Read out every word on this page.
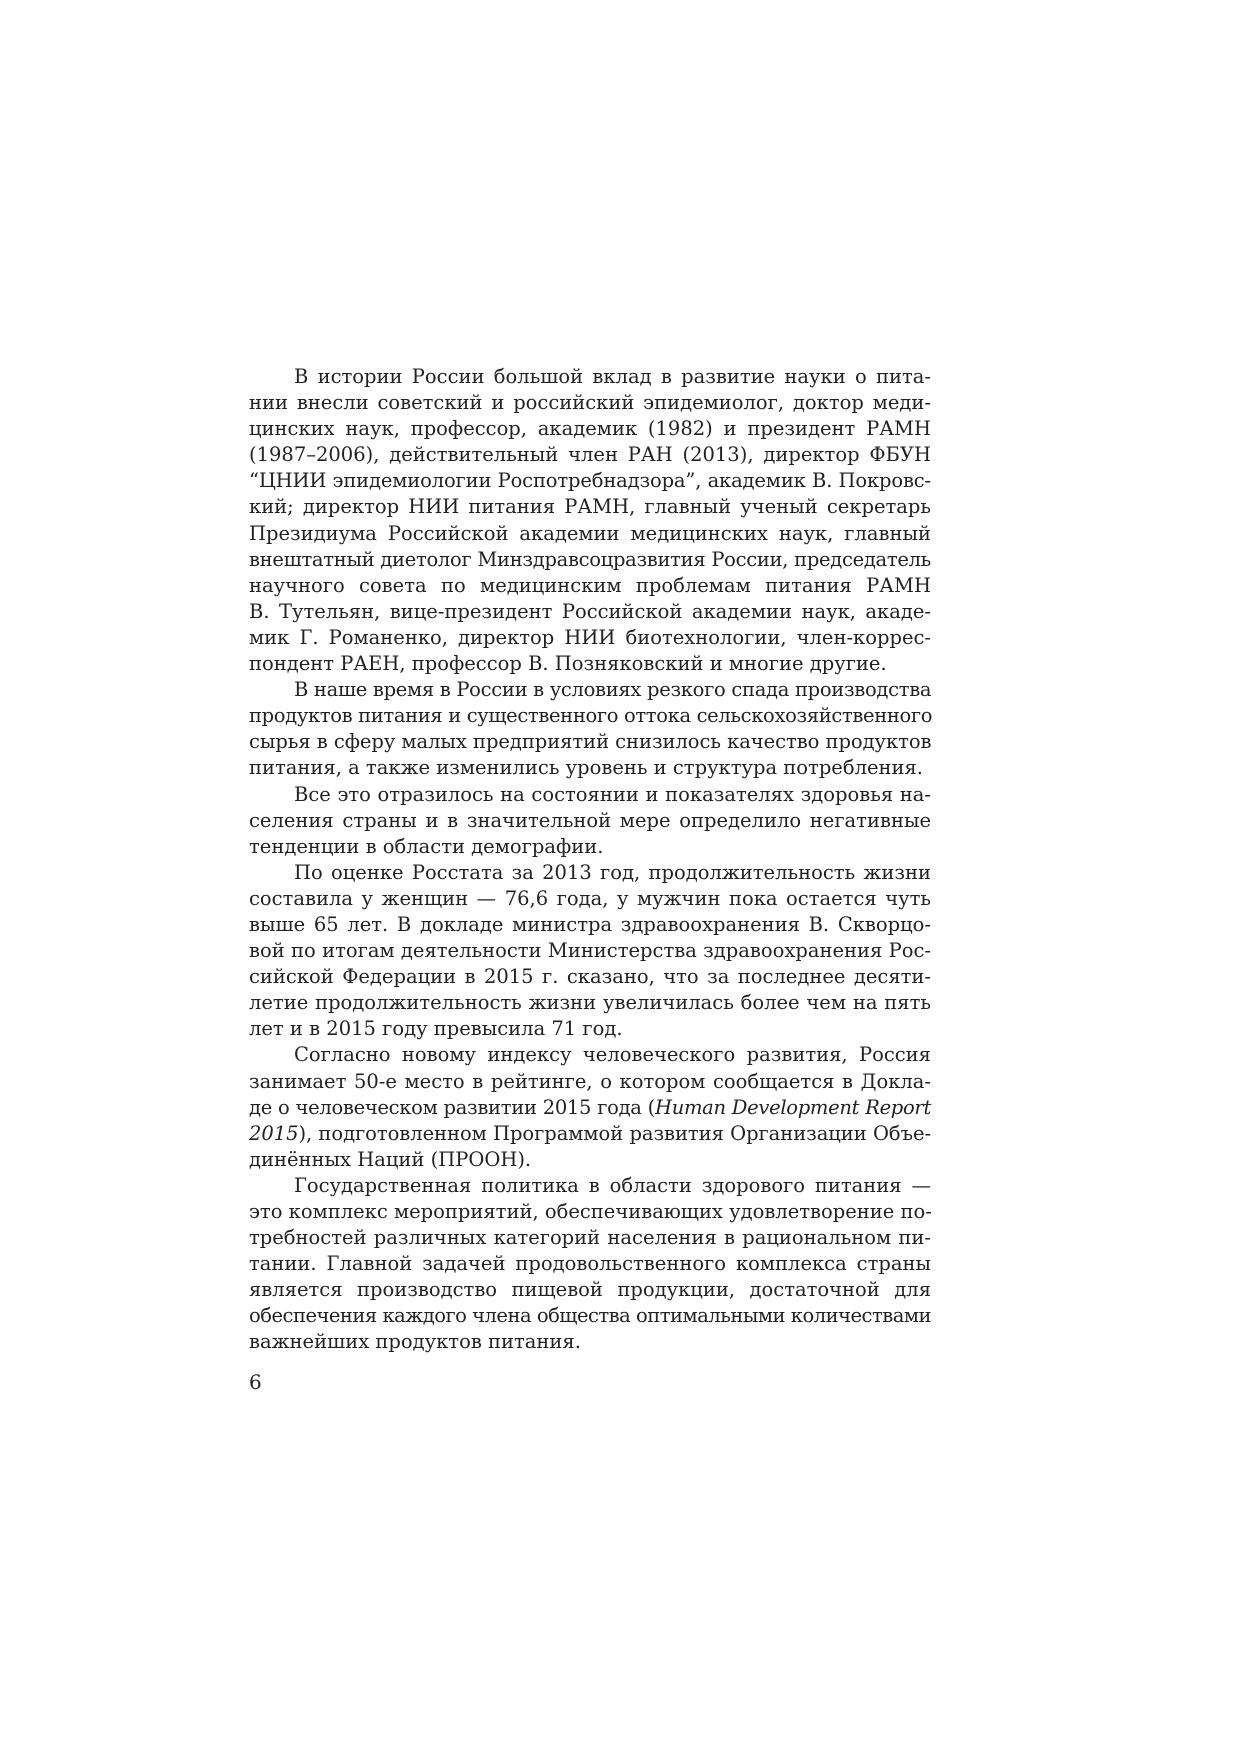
В истории России большой вклад в развитие науки о пита-
нии внесли советский и российский эпидемиолог, доктор меди-
цинских наук, профессор, академик (1982) и президент РАМН
(1987–2006), действительный член РАН (2013), директор ФБУН
“ЦНИИ эпидемиологии Роспотребнадзора”, академик В. Покровс-
кий; директор НИИ питания РАМН, главный ученый секретарь
Президиума Российской академии медицинских наук, главный
внештатный диетолог Минздравсоцразвития России, председатель
научного совета по медицинским проблемам питания РАМН
В. Тутельян, вице-президент Российской академии наук, акаде-
мик Г. Романенко, директор НИИ биотехнологии, член-коррес-
пондент РАЕН, профессор В. Позняковский и многие другие.
В наше время в России в условиях резкого спада производства
продуктов питания и существенного оттока сельскохозяйственного
сырья в сферу малых предприятий снизилось качество продуктов
питания, а также изменились уровень и структура потребления.
Все это отразилось на состоянии и показателях здоровья на-
селения страны и в значительной мере определило негативные
тенденции в области демографии.
По оценке Росстата за 2013 год, продолжительность жизни
составила у женщин — 76,6 года, у мужчин пока остается чуть
выше 65 лет. В докладе министра здравоохранения В. Скворцо-
вой по итогам деятельности Министерства здравоохранения Рос-
сийской Федерации в 2015 г. сказано, что за последнее десяти-
летие продолжительность жизни увеличилась более чем на пять
лет и в 2015 году превысила 71 год.
Согласно новому индексу человеческого развития, Россия
занимает 50-е место в рейтинге, о котором сообщается в Докла-
де о человеческом развитии 2015 года (Human Development Report
2015), подготовленном Программой развития Организации Объе-
динённых Наций (ПРООН).
Государственная политика в области здорового питания —
это комплекс мероприятий, обеспечивающих удовлетворение по-
требностей различных категорий населения в рациональном пи-
тании. Главной задачей продовольственного комплекса страны
является производство пищевой продукции, достаточной для
обеспечения каждого члена общества оптимальными количествами
важнейших продуктов питания.
6
